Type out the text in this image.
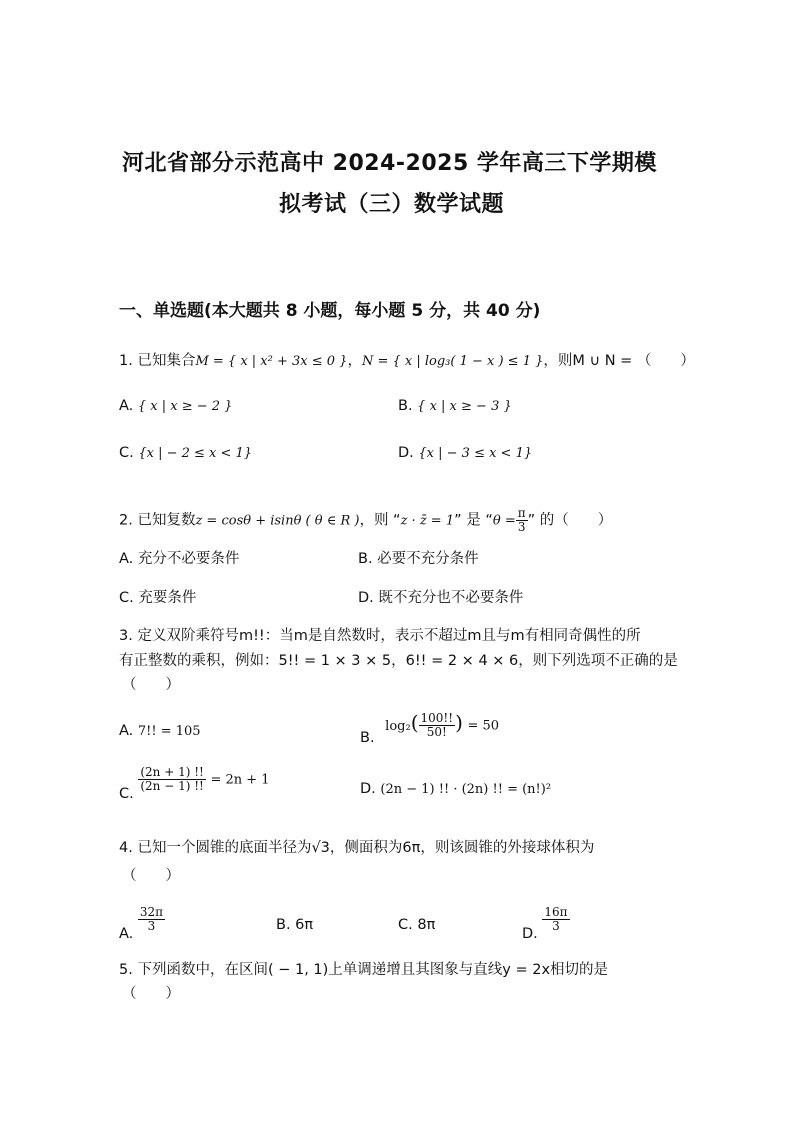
河北省部分示范高中 2024-2025 学年高三下学期模
拟考试（三）数学试题
一、单选题(本大题共 8 小题，每小题 5 分，共 40 分)
1. 已知集合M = { x | x² + 3x ≤ 0 }，N = { x | log₃( 1 − x ) ≤ 1 }，则M ∪ N = （　　）
A. { x | x ≥ − 2 }	B. { x | x ≥ − 3 }
C. {x | − 2 ≤ x < 1}	D. {x | − 3 ≤ x < 1}
2. 已知复数z = cosθ + isinθ ( θ ∈ R )，则 “z · z̄ = 1” 是 “$\theta = \frac{\pi}{3}$ ” 的（　　）
A. 充分不必要条件	B. 必要不充分条件
C. 充要条件	D. 既不充分也不必要条件
3. 定义双阶乘符号m!!：当m是自然数时，表示不超过m且与m有相同奇偶性的所
有正整数的乘积，例如：5!! = 1 × 3 × 5，6!! = 2 × 4 × 6，则下列选项不正确的是
（　　）
A. 7!! = 105	B. $\log_2( \frac{100!!}{50!}$ ) = 50
C.
$\frac{(2n + 1) !!}{(2n - 1) !!} = 2n + 1$
D. (2n − 1) !! · (2n) !! = (n!)²
4. 已知一个圆锥的底面半径为√3，侧面积为6π，则该圆锥的外接球体积为
（　　）
A.
$\frac{32\pi}{3}$	B. 6π	C. 8π
D.
$\frac{16\pi}{3}$
5. 下列函数中，在区间( − 1, 1)上单调递增且其图象与直线y = 2x相切的是
（　　）
